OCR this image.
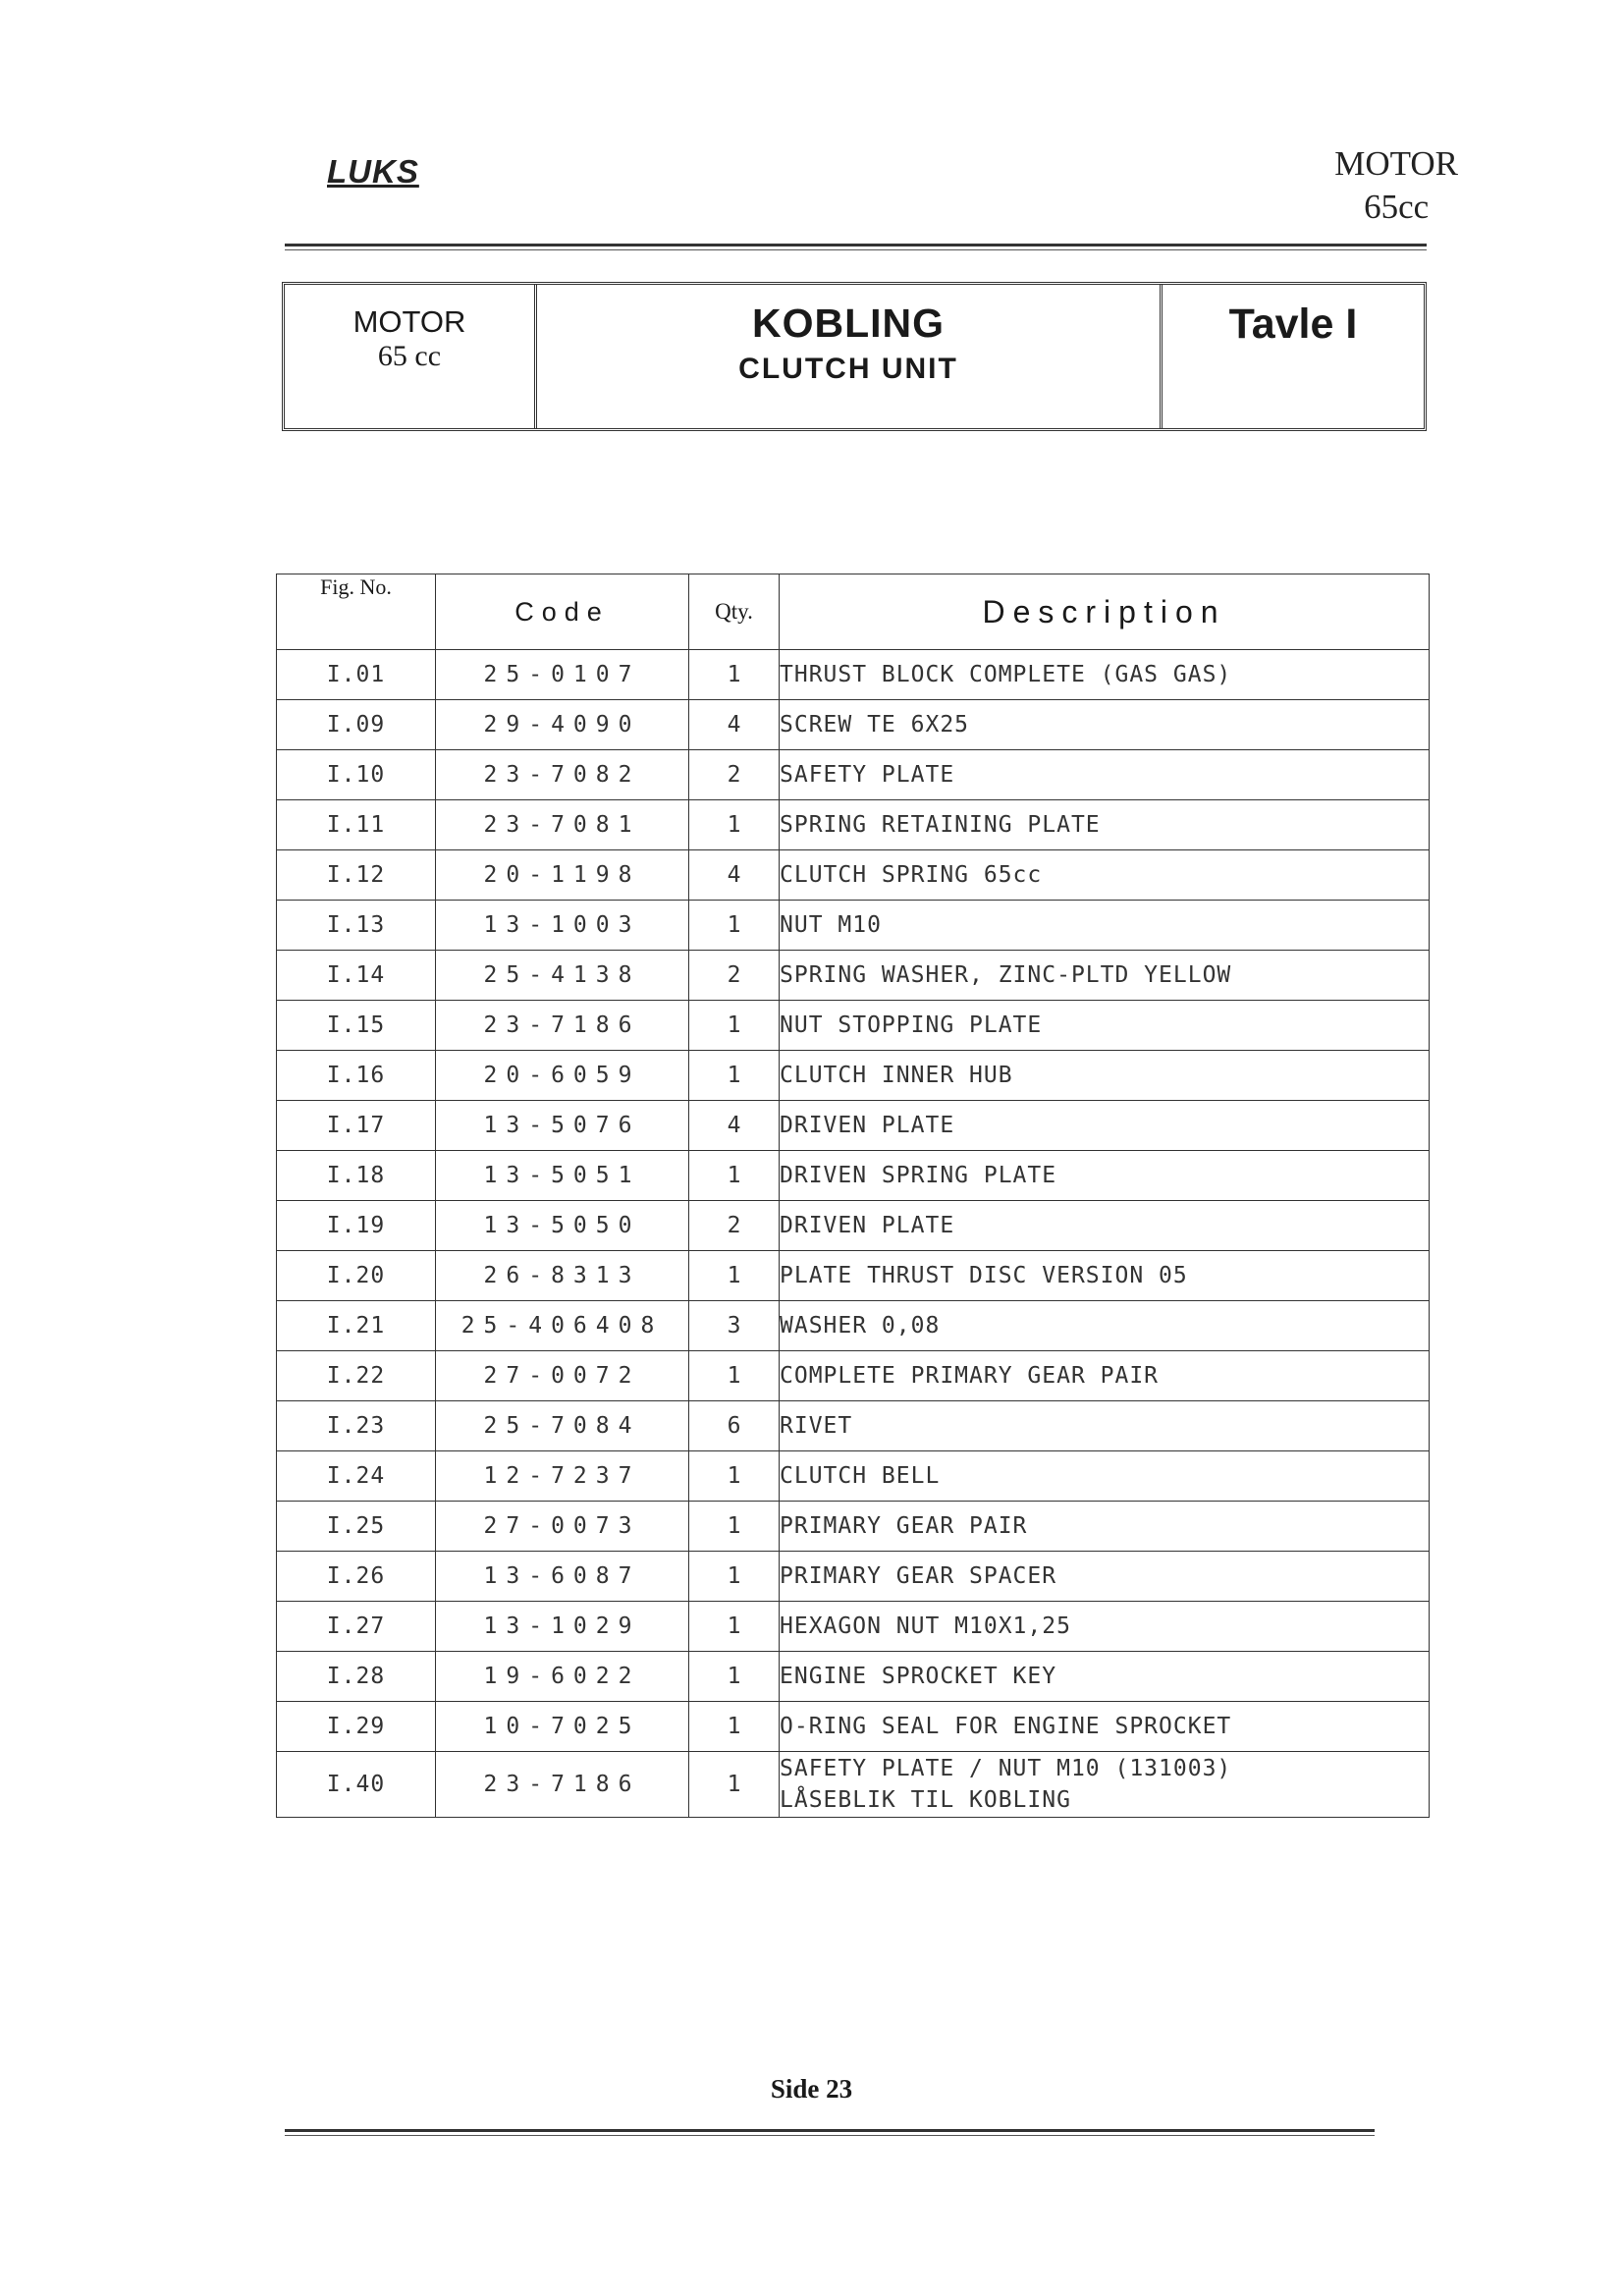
LUKS	MOTOR
65cc
MOTOR
65 cc
KOBLING
CLUTCH UNIT
Tavle I
Fig. No.	Code	Qty.	Description
I.01	25-0107	1	THRUST BLOCK COMPLETE (GAS GAS)

I.09	29-4090	4	SCREW TE 6X25

I.10	23-7082	2	SAFETY PLATE

I.11	23-7081	1	SPRING RETAINING PLATE

I.12	20-1198	4	CLUTCH SPRING 65cc

I.13	13-1003	1	NUT M10

I.14	25-4138	2	SPRING WASHER, ZINC-PLTD YELLOW

I.15	23-7186	1	NUT STOPPING PLATE

I.16	20-6059	1	CLUTCH INNER HUB

I.17	13-5076	4	DRIVEN PLATE

I.18	13-5051	1	DRIVEN SPRING PLATE

I.19	13-5050	2	DRIVEN PLATE

I.20	26-8313	1	PLATE THRUST DISC VERSION 05

I.21	25-406408	3	WASHER 0,08

I.22	27-0072	1	COMPLETE PRIMARY GEAR PAIR

I.23	25-7084	6	RIVET

I.24	12-7237	1	CLUTCH BELL

I.25	27-0073	1	PRIMARY GEAR PAIR

I.26	13-6087	1	PRIMARY GEAR SPACER

I.27	13-1029	1	HEXAGON NUT M10X1,25

I.28	19-6022	1	ENGINE SPROCKET KEY

I.29	10-7025	1	O-RING SEAL FOR ENGINE SPROCKET

I.40	23-7186	1	SAFETY PLATE / NUT M10 (131003)
LÅSEBLIK TIL KOBLING
Side 23
